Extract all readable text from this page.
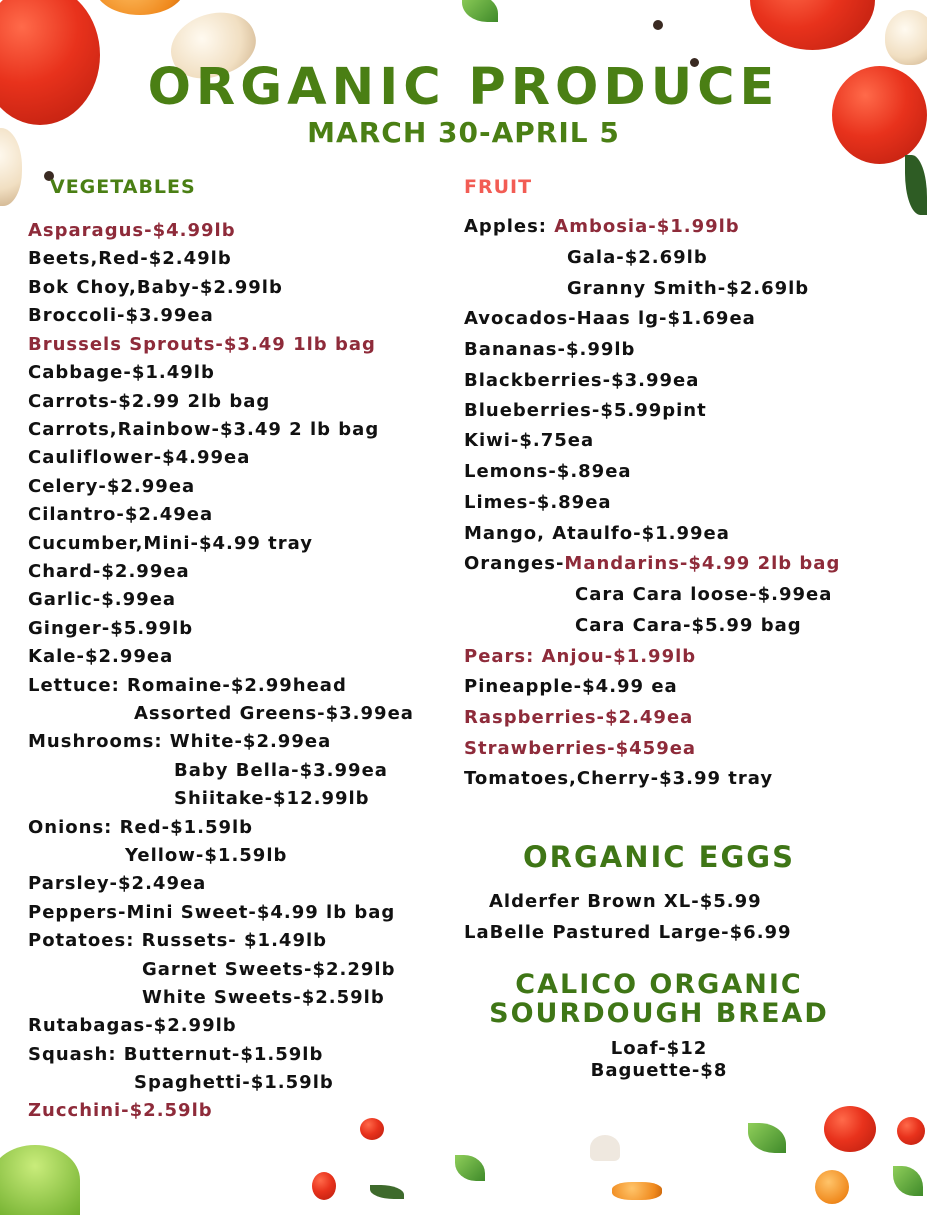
ORGANIC PRODUCE
MARCH 30-APRIL 5
VEGETABLES	FRUIT
Asparagus-$4.99lb
Beets,Red-$2.49lb
Bok Choy,Baby-$2.99lb
Broccoli-$3.99ea
Brussels Sprouts-$3.49 1lb bag
Cabbage-$1.49lb
Carrots-$2.99 2lb bag
Carrots,Rainbow-$3.49 2 lb bag
Cauliflower-$4.99ea
Celery-$2.99ea
Cilantro-$2.49ea
Cucumber,Mini-$4.99 tray
Chard-$2.99ea
Garlic-$.99ea
Ginger-$5.99lb
Kale-$2.99ea
Lettuce: Romaine-$2.99head
Assorted Greens-$3.99ea
Mushrooms: White-$2.99ea
Baby Bella-$3.99ea
Shiitake-$12.99lb
Onions: Red-$1.59lb
Yellow-$1.59lb
Parsley-$2.49ea
Peppers-Mini Sweet-$4.99 lb bag
Potatoes: Russets- $1.49lb
Garnet Sweets-$2.29lb
White Sweets-$2.59lb
Rutabagas-$2.99lb
Squash: Butternut-$1.59lb
Spaghetti-$1.59lb
Zucchini-$2.59lb
Apples: Ambosia-$1.99lb
Gala-$2.69lb
Granny Smith-$2.69lb
Avocados-Haas lg-$1.69ea
Bananas-$.99lb
Blackberries-$3.99ea
Blueberries-$5.99pint
Kiwi-$.75ea
Lemons-$.89ea
Limes-$.89ea
Mango, Ataulfo-$1.99ea
Oranges-Mandarins-$4.99 2lb bag
Cara Cara loose-$.99ea
Cara Cara-$5.99 bag
Pears: Anjou-$1.99lb
Pineapple-$4.99 ea
Raspberries-$2.49ea
Strawberries-$459ea
Tomatoes,Cherry-$3.99 tray
ORGANIC EGGS
Alderfer Brown XL-$5.99
LaBelle Pastured Large-$6.99
CALICO ORGANIC
SOURDOUGH BREAD
Loaf-$12
Baguette-$8
